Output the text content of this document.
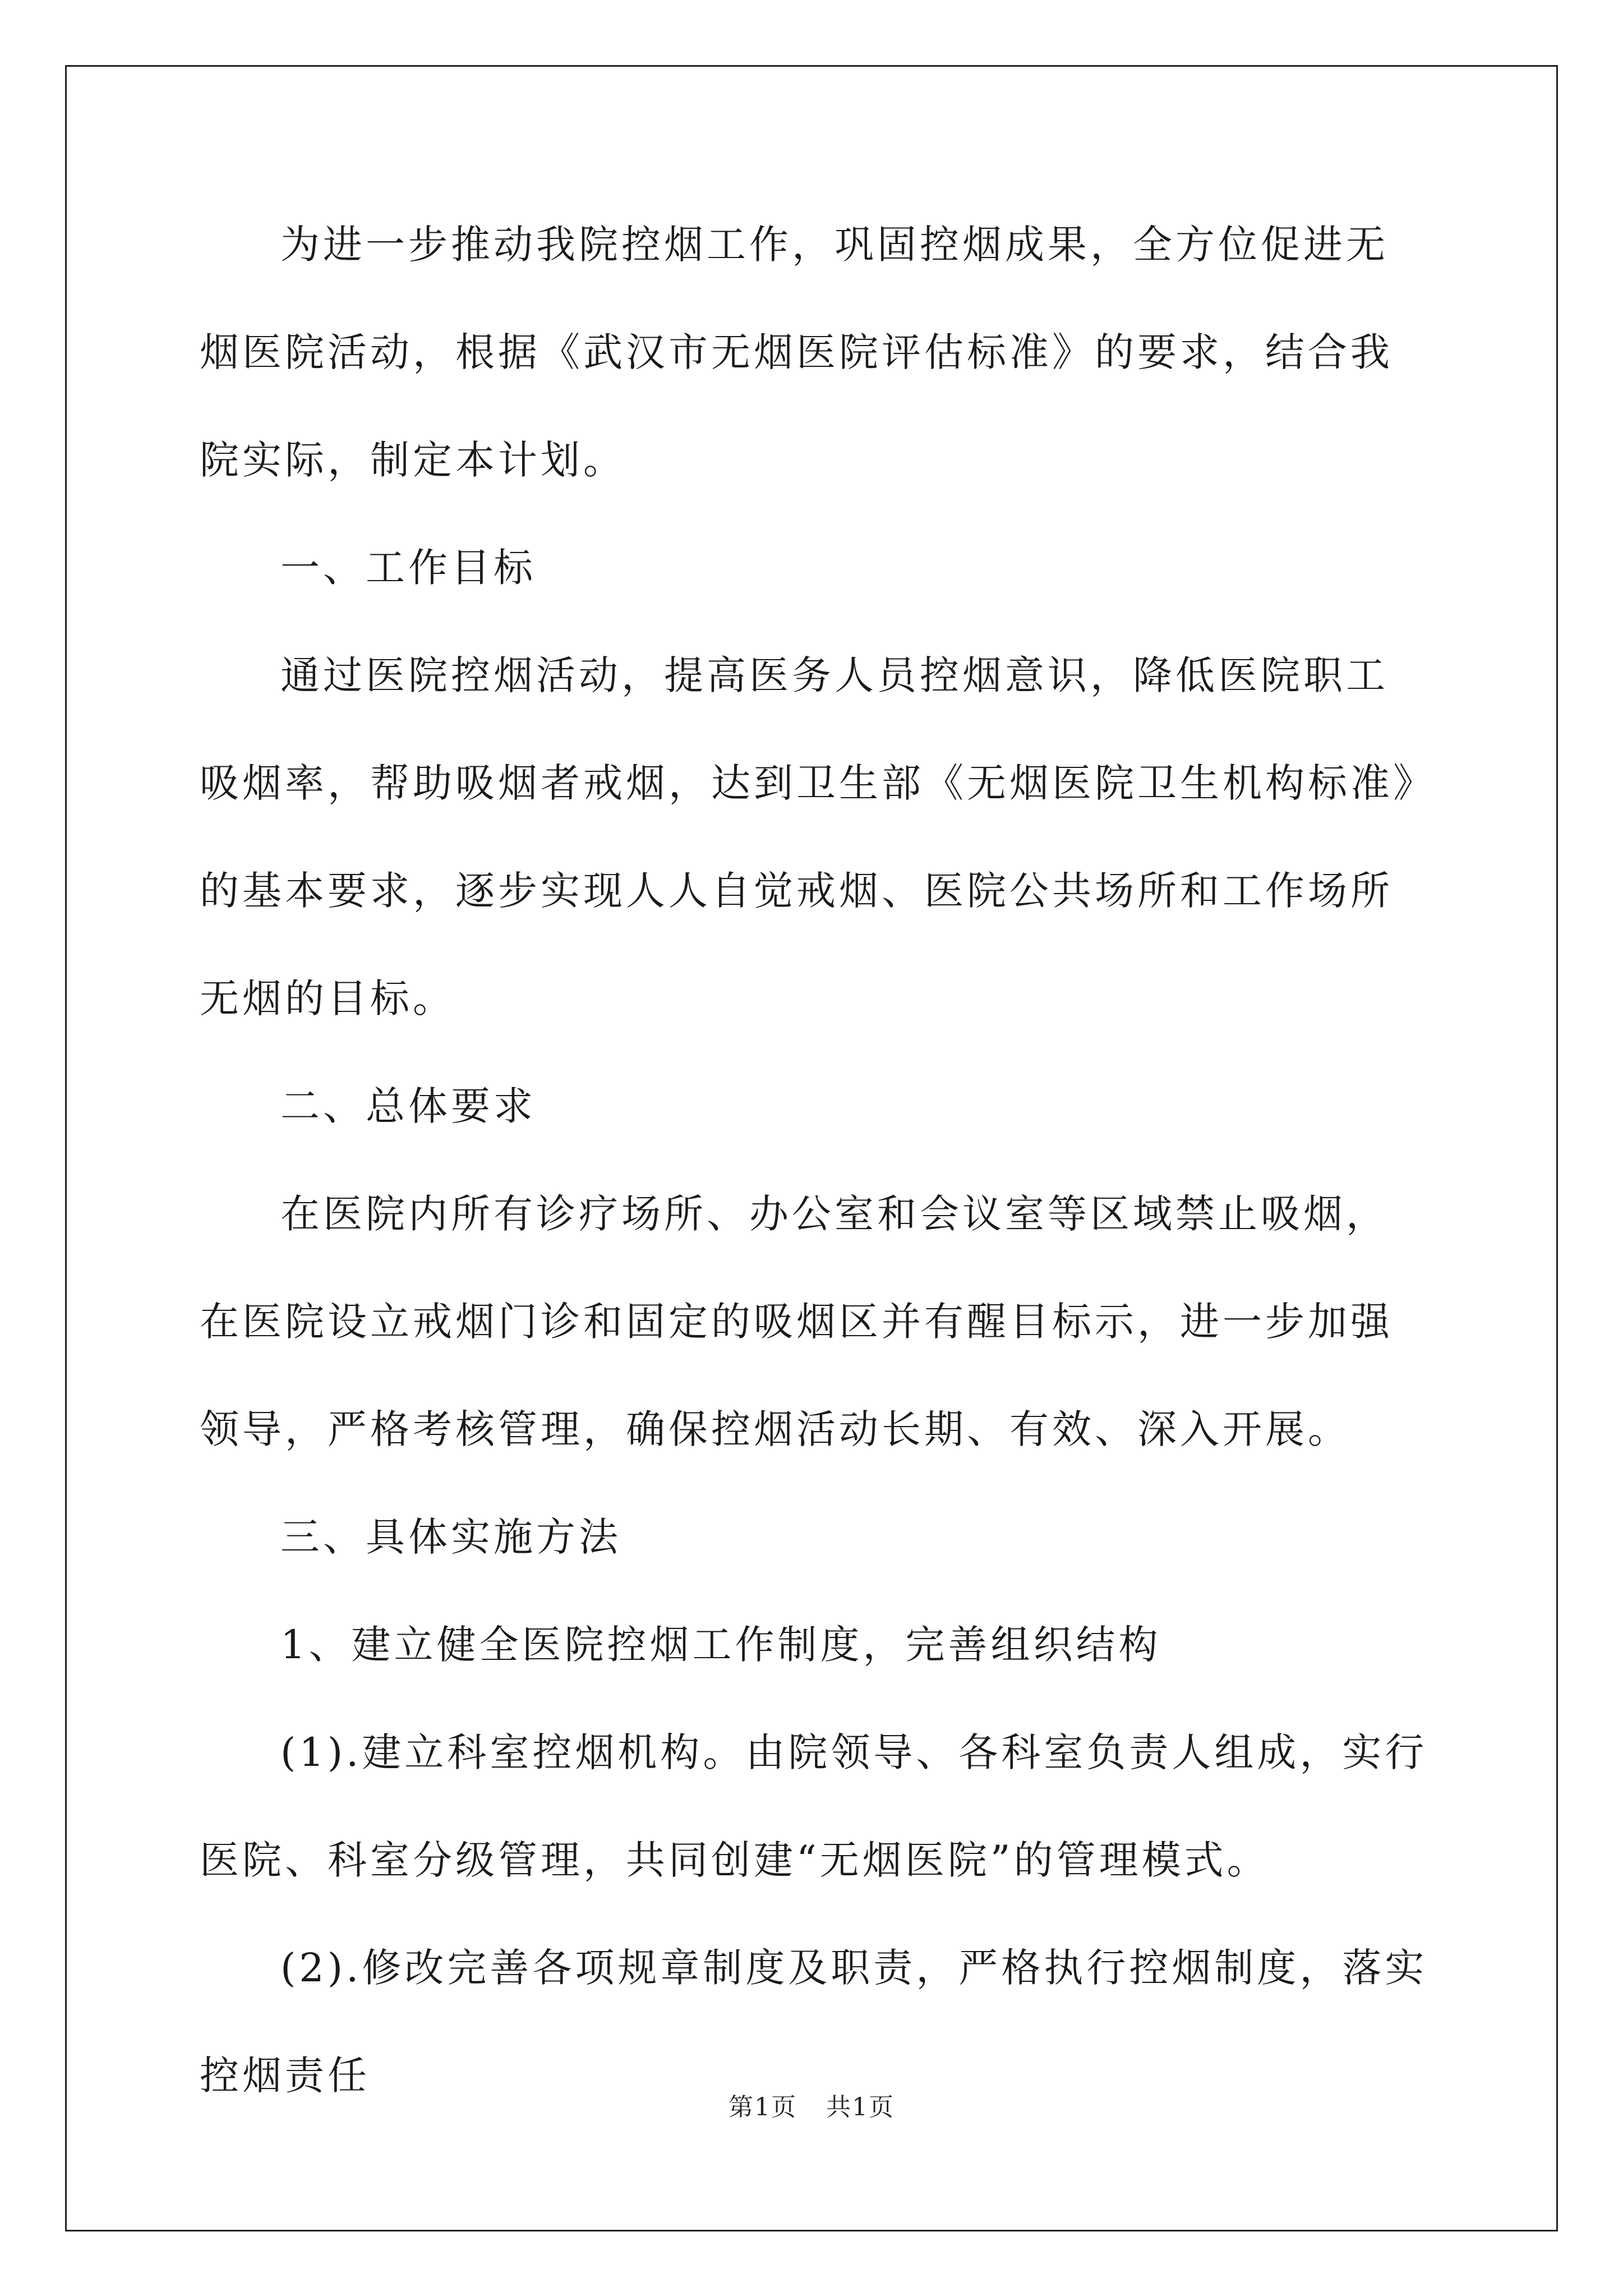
为进一步推动我院控烟工作，巩固控烟成果，全方位促进无烟医院活动，根据《武汉市无烟医院评估标准》的要求，结合我院实际，制定本计划。

一、工作目标

通过医院控烟活动，提高医务人员控烟意识，降低医院职工吸烟率，帮助吸烟者戒烟，达到卫生部《无烟医院卫生机构标准》的基本要求，逐步实现人人自觉戒烟、医院公共场所和工作场所无烟的目标。

二、总体要求

在医院内所有诊疗场所、办公室和会议室等区域禁止吸烟，在医院设立戒烟门诊和固定的吸烟区并有醒目标示，进一步加强领导，严格考核管理，确保控烟活动长期、有效、深入开展。

三、具体实施方法

1、建立健全医院控烟工作制度，完善组织结构

(1).建立科室控烟机构。由院领导、各科室负责人组成，实行医院、科室分级管理，共同创建“无烟医院”的管理模式。

(2).修改完善各项规章制度及职责，严格执行控烟制度，落实控烟责任

第1页 共1页
